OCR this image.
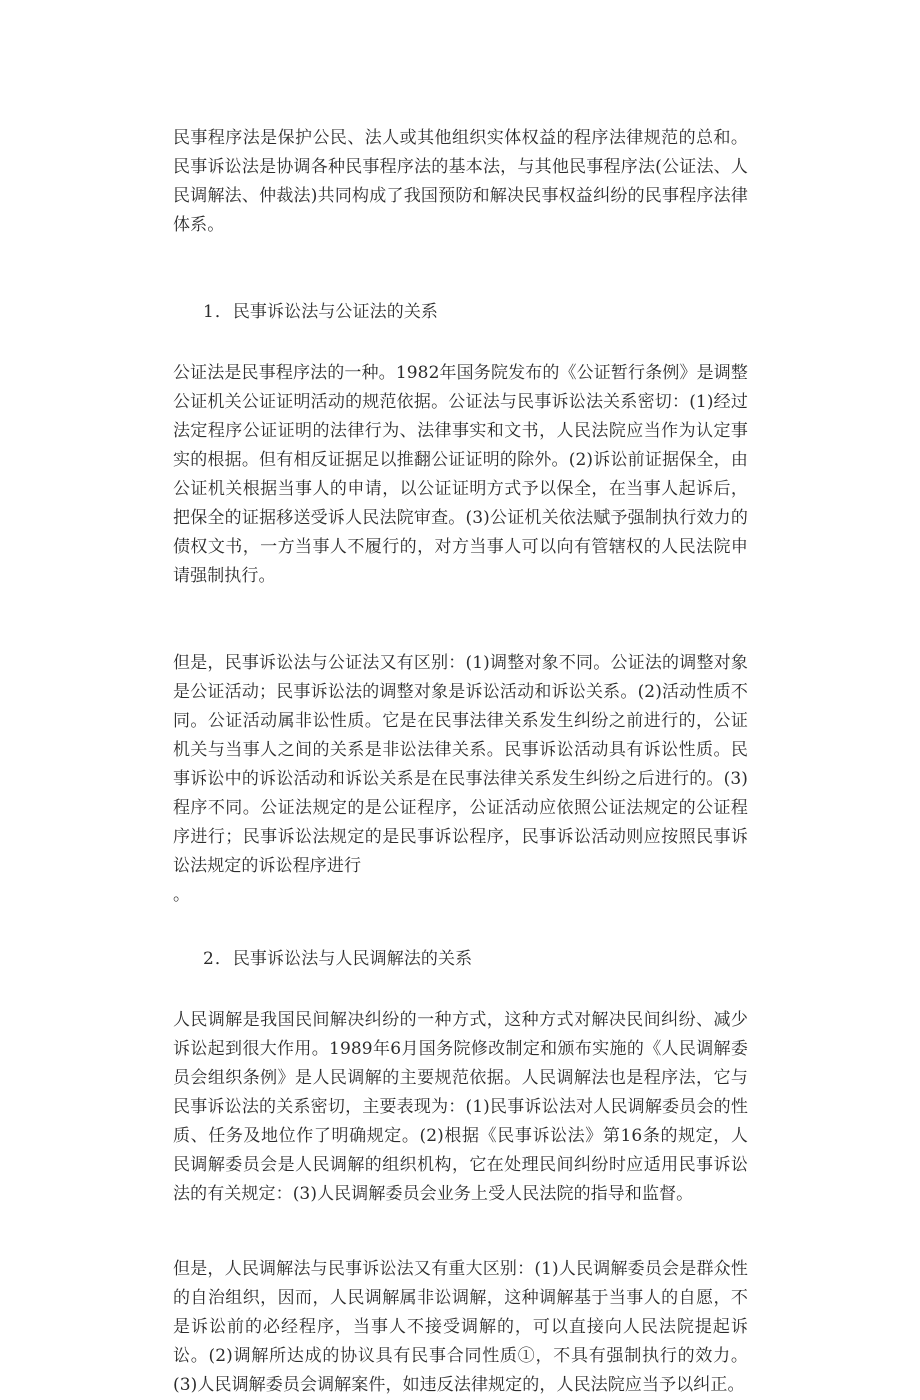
民事程序法是保护公民、法人或其他组织实体权益的程序法律规范的总和。民事诉讼法是协调各种民事程序法的基本法，与其他民事程序法(公证法、人民调解法、仲裁法)共同构成了我国预防和解决民事权益纠纷的民事程序法律体系。

1．民事诉讼法与公证法的关系

公证法是民事程序法的一种。1982年国务院发布的《公证暂行条例》是调整公证机关公证证明活动的规范依据。公证法与民事诉讼法关系密切：(1)经过法定程序公证证明的法律行为、法律事实和文书，人民法院应当作为认定事实的根据。但有相反证据足以推翻公证证明的除外。(2)诉讼前证据保全，由公证机关根据当事人的申请，以公证证明方式予以保全，在当事人起诉后，把保全的证据移送受诉人民法院审查。(3)公证机关依法赋予强制执行效力的债权文书，一方当事人不履行的，对方当事人可以向有管辖权的人民法院申请强制执行。

但是，民事诉讼法与公证法又有区别：(1)调整对象不同。公证法的调整对象是公证活动；民事诉讼法的调整对象是诉讼活动和诉讼关系。(2)活动性质不同。公证活动属非讼性质。它是在民事法律关系发生纠纷之前进行的，公证机关与当事人之间的关系是非讼法律关系。民事诉讼活动具有诉讼性质。民事诉讼中的诉讼活动和诉讼关系是在民事法律关系发生纠纷之后进行的。(3)程序不同。公证法规定的是公证程序，公证活动应依照公证法规定的公证程序进行；民事诉讼法规定的是民事诉讼程序，民事诉讼活动则应按照民事诉讼法规定的诉讼程序进行

。

2．民事诉讼法与人民调解法的关系

人民调解是我国民间解决纠纷的一种方式，这种方式对解决民间纠纷、减少诉讼起到很大作用。1989年6月国务院修改制定和颁布实施的《人民调解委员会组织条例》是人民调解的主要规范依据。人民调解法也是程序法，它与民事诉讼法的关系密切，主要表现为：(1)民事诉讼法对人民调解委员会的性质、任务及地位作了明确规定。(2)根据《民事诉讼法》第16条的规定，人民调解委员会是人民调解的组织机构，它在处理民间纠纷时应适用民事诉讼法的有关规定：(3)人民调解委员会业务上受人民法院的指导和监督。

但是，人民调解法与民事诉讼法又有重大区别：(1)人民调解委员会是群众性的自治组织，因而，人民调解属非讼调解，这种调解基于当事人的自愿，不是诉讼前的必经程序，当事人不接受调解的，可以直接向人民法院提起诉讼。(2)调解所达成的协议具有民事合同性质①，不具有强制执行的效力。(3)人民调解委员会调解案件，如违反法律规定的，人民法院应当予以纠正。
